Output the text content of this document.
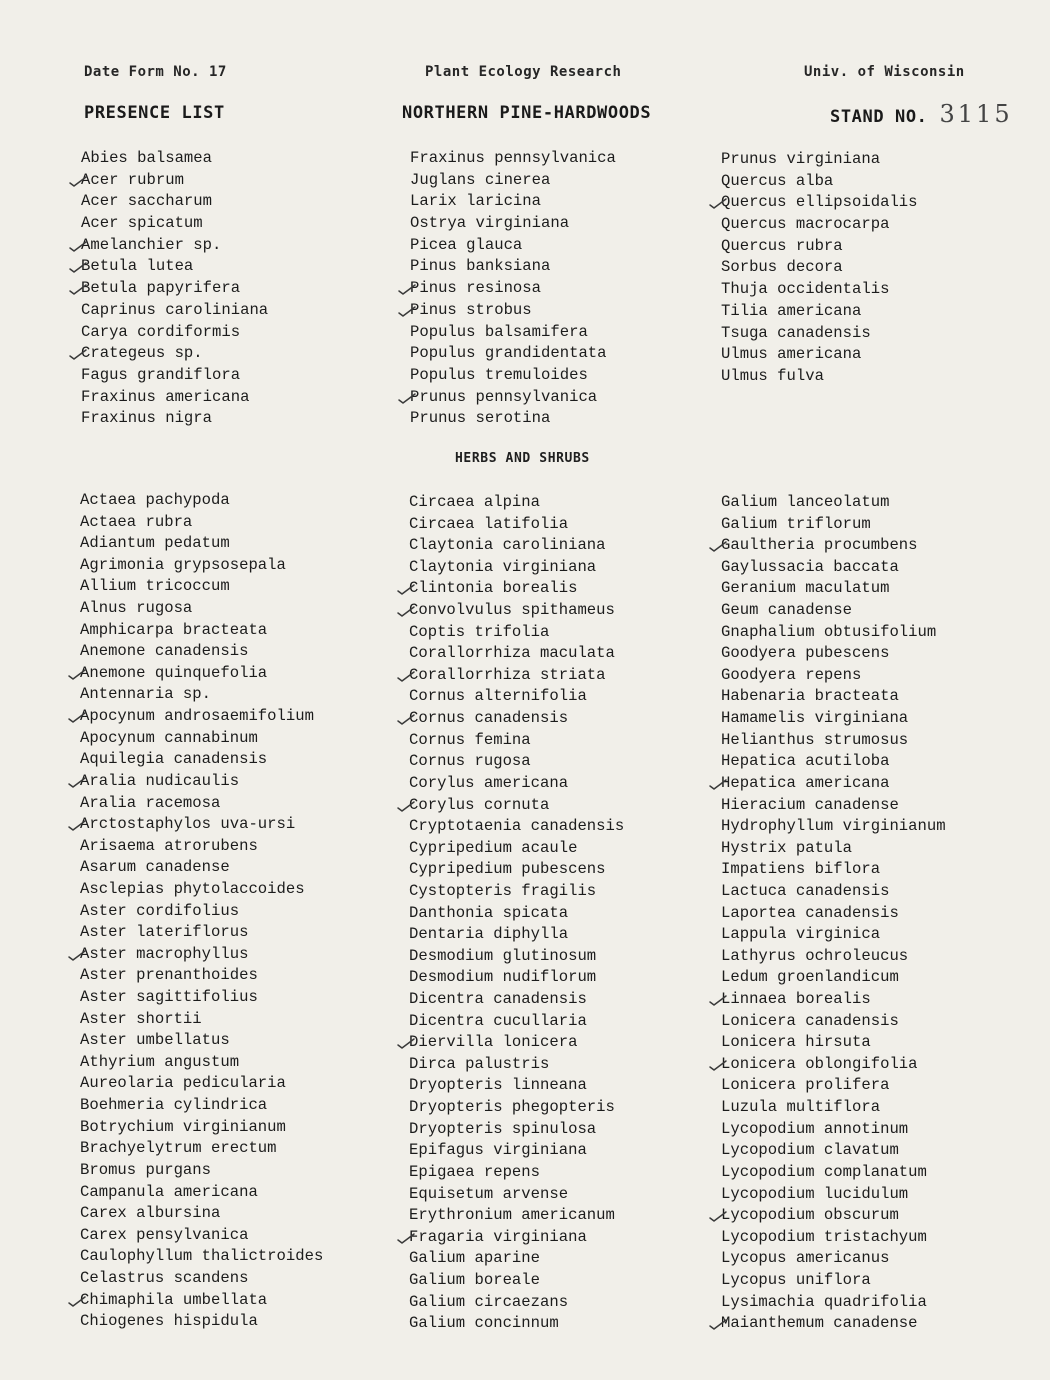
Date Form No. 17	Plant Ecology Research	Univ. of Wisconsin
PRESENCE LIST	NORTHERN PINE-HARDWOODS	STAND NO. 3115
Abies balsamea
Acer rubrum
Acer saccharum
Acer spicatum
Amelanchier sp.
Betula lutea
Betula papyrifera
Caprinus caroliniana
Carya cordiformis
Crategeus sp.
Fagus grandiflora
Fraxinus americana
Fraxinus nigra
Fraxinus pennsylvanica
Juglans cinerea
Larix laricina
Ostrya virginiana
Picea glauca
Pinus banksiana
Pinus resinosa
Pinus strobus
Populus balsamifera
Populus grandidentata
Populus tremuloides
Prunus pennsylvanica
Prunus serotina
Prunus virginiana
Quercus alba
Quercus ellipsoidalis
Quercus macrocarpa
Quercus rubra
Sorbus decora
Thuja occidentalis
Tilia americana
Tsuga canadensis
Ulmus americana
Ulmus fulva
HERBS AND SHRUBS
Actaea pachypoda
Actaea rubra
Adiantum pedatum
Agrimonia grypsosepala
Allium tricoccum
Alnus rugosa
Amphicarpa bracteata
Anemone canadensis
Anemone quinquefolia
Antennaria sp.
Apocynum androsaemifolium
Apocynum cannabinum
Aquilegia canadensis
Aralia nudicaulis
Aralia racemosa
Arctostaphylos uva-ursi
Arisaema atrorubens
Asarum canadense
Asclepias phytolaccoides
Aster cordifolius
Aster lateriflorus
Aster macrophyllus
Aster prenanthoides
Aster sagittifolius
Aster shortii
Aster umbellatus
Athyrium angustum
Aureolaria pedicularia
Boehmeria cylindrica
Botrychium virginianum
Brachyelytrum erectum
Bromus purgans
Campanula americana
Carex albursina
Carex pensylvanica
Caulophyllum thalictroides
Celastrus scandens
Chimaphila umbellata
Chiogenes hispidula
Circaea alpina
Circaea latifolia
Claytonia caroliniana
Claytonia virginiana
Clintonia borealis
Convolvulus spithameus
Coptis trifolia
Corallorrhiza maculata
Corallorrhiza striata
Cornus alternifolia
Cornus canadensis
Cornus femina
Cornus rugosa
Corylus americana
Corylus cornuta
Cryptotaenia canadensis
Cypripedium acaule
Cypripedium pubescens
Cystopteris fragilis
Danthonia spicata
Dentaria diphylla
Desmodium glutinosum
Desmodium nudiflorum
Dicentra canadensis
Dicentra cucullaria
Diervilla lonicera
Dirca palustris
Dryopteris linneana
Dryopteris phegopteris
Dryopteris spinulosa
Epifagus virginiana
Epigaea repens
Equisetum arvense
Erythronium americanum
Fragaria virginiana
Galium aparine
Galium boreale
Galium circaezans
Galium concinnum
Galium lanceolatum
Galium triflorum
Gaultheria procumbens
Gaylussacia baccata
Geranium maculatum
Geum canadense
Gnaphalium obtusifolium
Goodyera pubescens
Goodyera repens
Habenaria bracteata
Hamamelis virginiana
Helianthus strumosus
Hepatica acutiloba
Hepatica americana
Hieracium canadense
Hydrophyllum virginianum
Hystrix patula
Impatiens biflora
Lactuca canadensis
Laportea canadensis
Lappula virginica
Lathyrus ochroleucus
Ledum groenlandicum
Linnaea borealis
Lonicera canadensis
Lonicera hirsuta
Lonicera oblongifolia
Lonicera prolifera
Luzula multiflora
Lycopodium annotinum
Lycopodium clavatum
Lycopodium complanatum
Lycopodium lucidulum
Lycopodium obscurum
Lycopodium tristachyum
Lycopus americanus
Lycopus uniflora
Lysimachia quadrifolia
Maianthemum canadense
